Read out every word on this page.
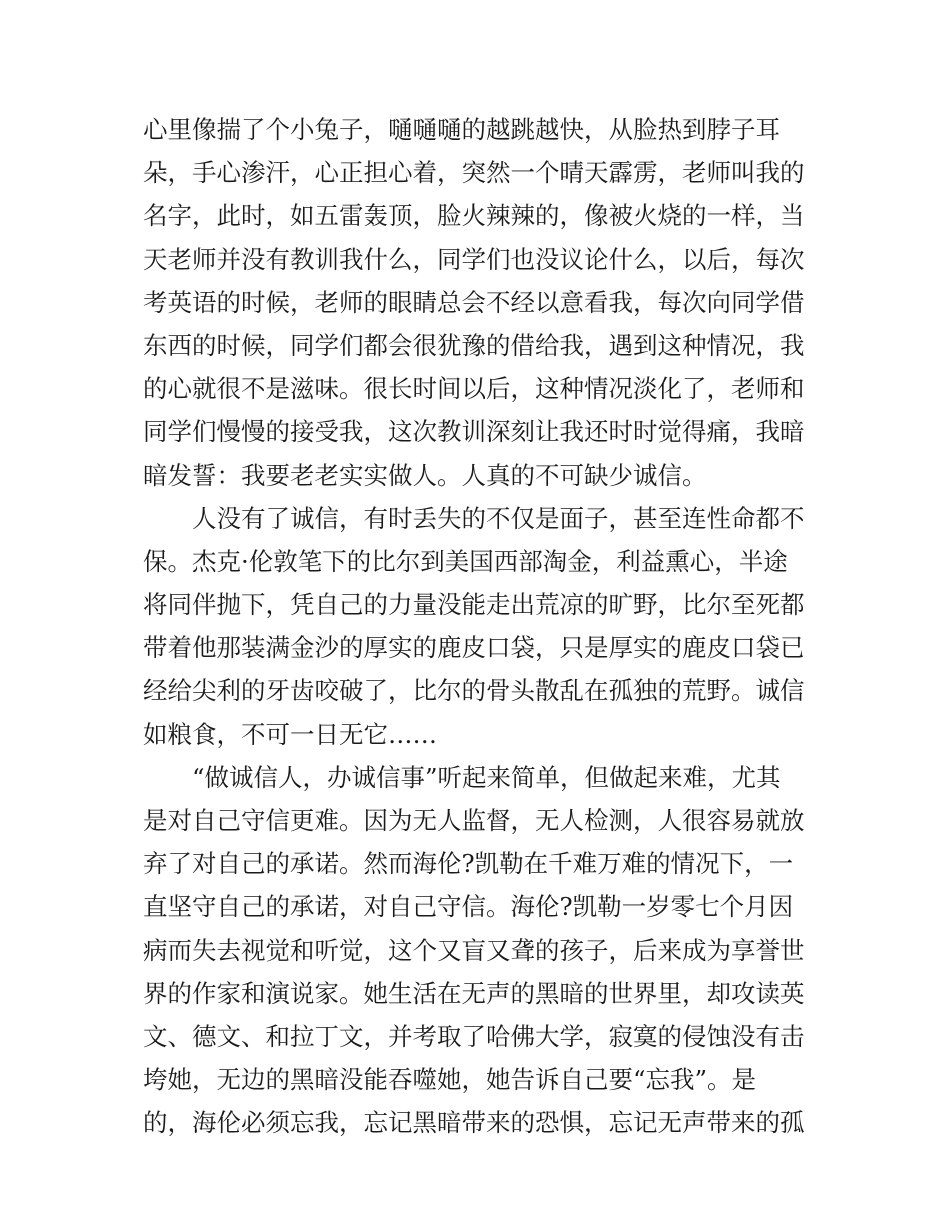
心里像揣了个小兔子，嗵嗵嗵的越跳越快，从脸热到脖子耳
朵，手心渗汗，心正担心着，突然一个晴天霹雳，老师叫我的
名字，此时，如五雷轰顶，脸火辣辣的，像被火烧的一样，当
天老师并没有教训我什么，同学们也没议论什么，以后，每次
考英语的时候，老师的眼睛总会不经以意看我，每次向同学借
东西的时候，同学们都会很犹豫的借给我，遇到这种情况，我
的心就很不是滋味。很长时间以后，这种情况淡化了，老师和
同学们慢慢的接受我，这次教训深刻让我还时时觉得痛，我暗
暗发誓：我要老老实实做人。人真的不可缺少诚信。
人没有了诚信，有时丢失的不仅是面子，甚至连性命都不
保。杰克·伦敦笔下的比尔到美国西部淘金，利益熏心，半途
将同伴抛下，凭自己的力量没能走出荒凉的旷野，比尔至死都
带着他那装满金沙的厚实的鹿皮口袋，只是厚实的鹿皮口袋已
经给尖利的牙齿咬破了，比尔的骨头散乱在孤独的荒野。诚信
如粮食，不可一日无它……
“做诚信人，办诚信事”听起来简单，但做起来难，尤其
是对自己守信更难。因为无人监督，无人检测，人很容易就放
弃了对自己的承诺。然而海伦?凯勒在千难万难的情况下，一
直坚守自己的承诺，对自己守信。海伦?凯勒一岁零七个月因
病而失去视觉和听觉，这个又盲又聋的孩子，后来成为享誉世
界的作家和演说家。她生活在无声的黑暗的世界里，却攻读英
文、德文、和拉丁文，并考取了哈佛大学，寂寞的侵蚀没有击
垮她，无边的黑暗没能吞噬她，她告诉自己要“忘我”。是
的，海伦必须忘我，忘记黑暗带来的恐惧，忘记无声带来的孤
